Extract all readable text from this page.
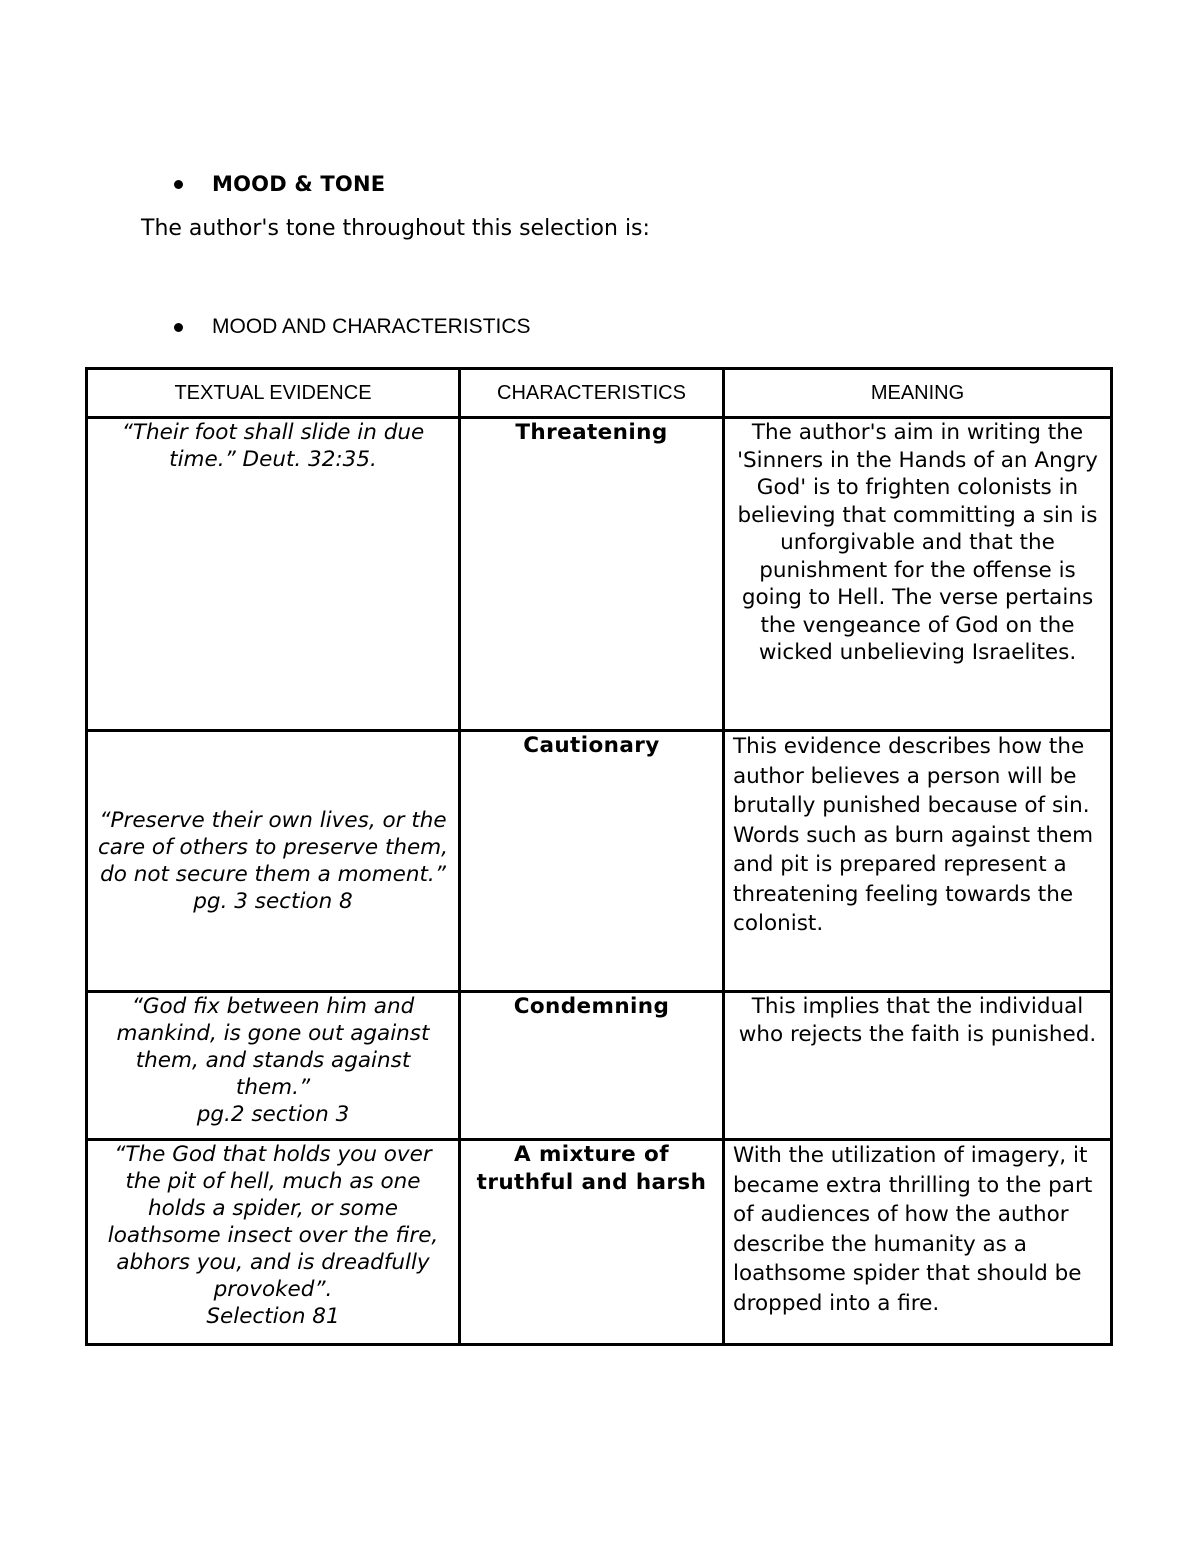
MOOD & TONE
The author's tone throughout this selection is:
MOOD AND CHARACTERISTICS
TEXTUAL EVIDENCE	CHARACTERISTICS	MEANING

“Their foot shall slide in due time.” Deut. 32:35.	Threatening	The author's aim in writing the 'Sinners in the Hands of an Angry God' is to frighten colonists in believing that committing a sin is unforgivable and that the punishment for the offense is going to Hell. The verse pertains the vengeance of God on the wicked unbelieving Israelites.

“Preserve their own lives, or the care of others to preserve them, do not secure them a moment.”
pg. 3 section 8	Cautionary	This evidence describes how the author believes a person will be brutally punished because of sin. Words such as burn against them and pit is prepared represent a threatening feeling towards the colonist.

“God fix between him and mankind, is gone out against them, and stands against them.”
pg.2 section 3	Condemning	This implies that the individual who rejects the faith is punished.

“The God that holds you over the pit of hell, much as one holds a spider, or some loathsome insect over the fire, abhors you, and is dreadfully provoked”.
Selection 81	A mixture of truthful and harsh	With the utilization of imagery, it became extra thrilling to the part of audiences of how the author describe the humanity as a loathsome spider that should be dropped into a fire.
